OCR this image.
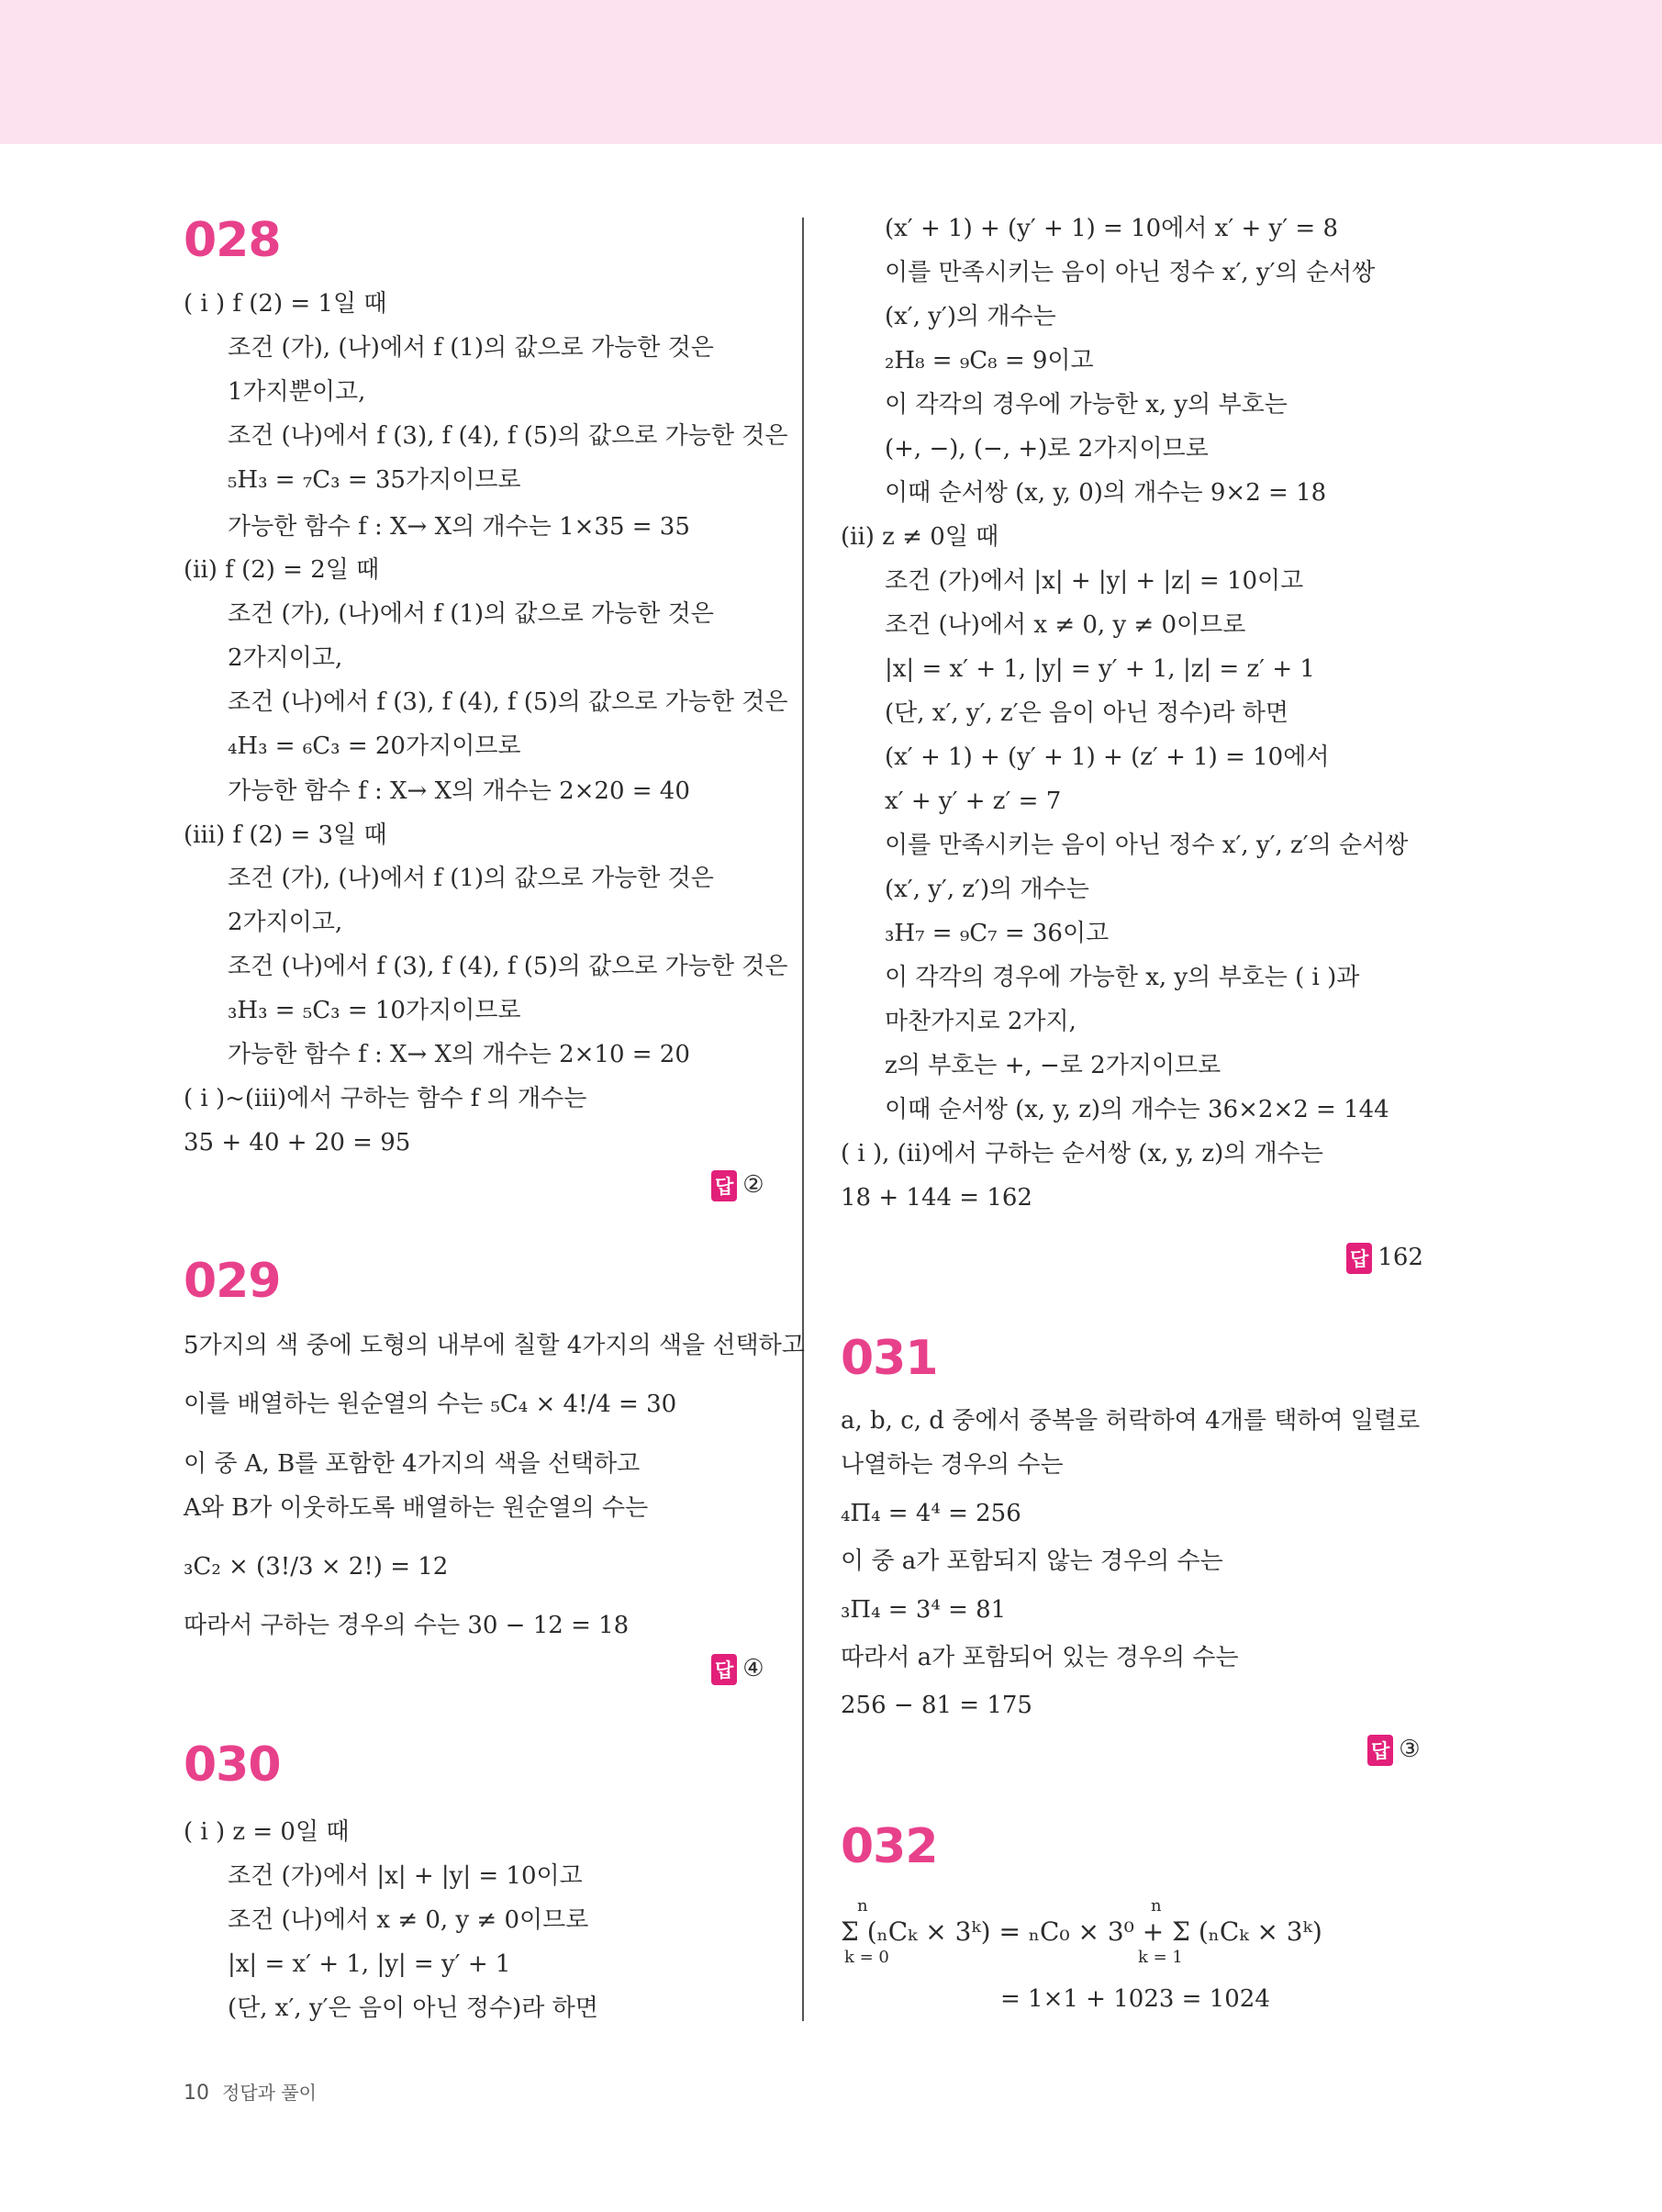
028
( i ) f (2) = 1일 때
조건 (가), (나)에서 f (1)의 값으로 가능한 것은
1가지뿐이고,
조건 (나)에서 f (3), f (4), f (5)의 값으로 가능한 것은
₅H₃ = ₇C₃ = 35가지이므로
가능한 함수 f : X→ X의 개수는 1×35 = 35
(ii) f (2) = 2일 때
조건 (가), (나)에서 f (1)의 값으로 가능한 것은
2가지이고,
조건 (나)에서 f (3), f (4), f (5)의 값으로 가능한 것은
₄H₃ = ₆C₃ = 20가지이므로
가능한 함수 f : X→ X의 개수는 2×20 = 40
(iii) f (2) = 3일 때
조건 (가), (나)에서 f (1)의 값으로 가능한 것은
2가지이고,
조건 (나)에서 f (3), f (4), f (5)의 값으로 가능한 것은
₃H₃ = ₅C₃ = 10가지이므로
가능한 함수 f : X→ X의 개수는 2×10 = 20
( i )~(iii)에서 구하는 함수 f 의 개수는
35 + 40 + 20 = 95
답 ②
029
5가지의 색 중에 도형의 내부에 칠할 4가지의 색을 선택하고
이를 배열하는 원순열의 수는 ₅C₄ × 4!/4 = 30
이 중 A, B를 포함한 4가지의 색을 선택하고
A와 B가 이웃하도록 배열하는 원순열의 수는
₃C₂ × (3!/3 × 2!) = 12
따라서 구하는 경우의 수는 30 − 12 = 18
답 ④
030
( i ) z = 0일 때
조건 (가)에서 |x| + |y| = 10이고
조건 (나)에서 x ≠ 0, y ≠ 0이므로
|x| = x′ + 1, |y| = y′ + 1
(단, x′, y′은 음이 아닌 정수)라 하면
(x′ + 1) + (y′ + 1) = 10에서 x′ + y′ = 8
이를 만족시키는 음이 아닌 정수 x′, y′의 순서쌍
(x′, y′)의 개수는
₂H₈ = ₉C₈ = 9이고
이 각각의 경우에 가능한 x, y의 부호는
(+, −), (−, +)로 2가지이므로
이때 순서쌍 (x, y, 0)의 개수는 9×2 = 18
(ii) z ≠ 0일 때
조건 (가)에서 |x| + |y| + |z| = 10이고
조건 (나)에서 x ≠ 0, y ≠ 0이므로
|x| = x′ + 1, |y| = y′ + 1, |z| = z′ + 1
(단, x′, y′, z′은 음이 아닌 정수)라 하면
(x′ + 1) + (y′ + 1) + (z′ + 1) = 10에서
x′ + y′ + z′ = 7
이를 만족시키는 음이 아닌 정수 x′, y′, z′의 순서쌍
(x′, y′, z′)의 개수는
₃H₇ = ₉C₇ = 36이고
이 각각의 경우에 가능한 x, y의 부호는 ( i )과
마찬가지로 2가지,
z의 부호는 +, −로 2가지이므로
이때 순서쌍 (x, y, z)의 개수는 36×2×2 = 144
( i ), (ii)에서 구하는 순서쌍 (x, y, z)의 개수는
18 + 144 = 162
답 162
031
a, b, c, d 중에서 중복을 허락하여 4개를 택하여 일렬로
나열하는 경우의 수는
₄Π₄ = 4⁴ = 256
이 중 a가 포함되지 않는 경우의 수는
₃Π₄ = 3⁴ = 81
따라서 a가 포함되어 있는 경우의 수는
256 − 81 = 175
답 ③
032
n
k = 0
n
k = 1
Σ (ₙCₖ × 3ᵏ) = ₙC₀ × 3⁰ + Σ (ₙCₖ × 3ᵏ)
= 1×1 + 1023 = 1024
10 정답과 풀이
